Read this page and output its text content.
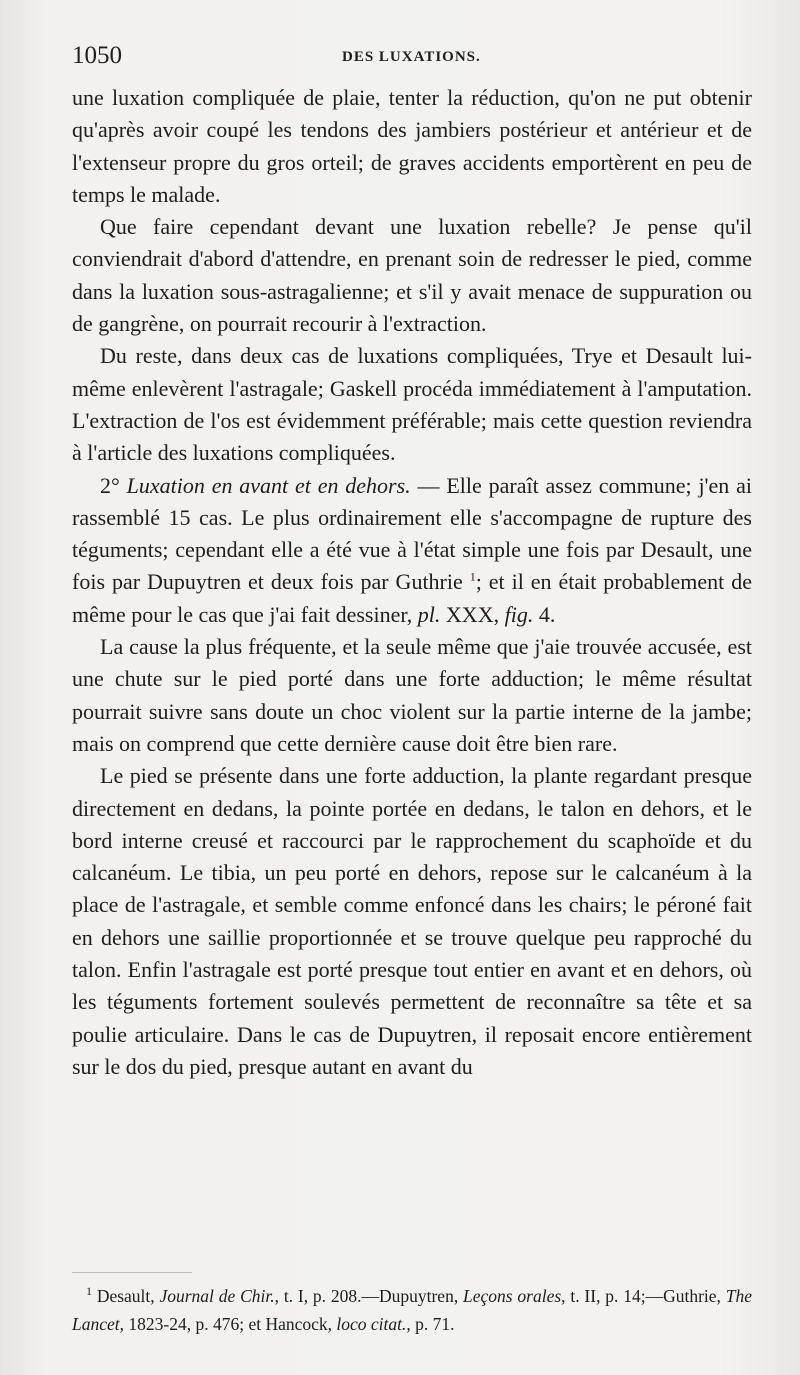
1050	DES LUXATIONS.

une luxation compliquée de plaie, tenter la réduction, qu'on ne put obtenir qu'après avoir coupé les tendons des jambiers postérieur et antérieur et de l'extenseur propre du gros orteil; de graves accidents emportèrent en peu de temps le malade.

Que faire cependant devant une luxation rebelle? Je pense qu'il conviendrait d'abord d'attendre, en prenant soin de redresser le pied, comme dans la luxation sous-astragalienne; et s'il y avait menace de suppuration ou de gangrène, on pourrait recourir à l'extraction.

Du reste, dans deux cas de luxations compliquées, Trye et Desault lui-même enlevèrent l'astragale; Gaskell procéda immédiatement à l'amputation. L'extraction de l'os est évidemment préférable; mais cette question reviendra à l'article des luxations compliquées.

2° Luxation en avant et en dehors. — Elle paraît assez commune; j'en ai rassemblé 15 cas. Le plus ordinairement elle s'accompagne de rupture des téguments; cependant elle a été vue à l'état simple une fois par Desault, une fois par Dupuytren et deux fois par Guthrie $^1$; et il en était probablement de même pour le cas que j'ai fait dessiner, pl. XXX, fig. 4.

La cause la plus fréquente, et la seule même que j'aie trouvée accusée, est une chute sur le pied porté dans une forte adduction; le même résultat pourrait suivre sans doute un choc violent sur la partie interne de la jambe; mais on comprend que cette dernière cause doit être bien rare.

Le pied se présente dans une forte adduction, la plante regardant presque directement en dedans, la pointe portée en dedans, le talon en dehors, et le bord interne creusé et raccourci par le rapprochement du scaphoïde et du calcanéum. Le tibia, un peu porté en dehors, repose sur le calcanéum à la place de l'astragale, et semble comme enfoncé dans les chairs; le péroné fait en dehors une saillie proportionnée et se trouve quelque peu rapproché du talon. Enfin l'astragale est porté presque tout entier en avant et en dehors, où les téguments fortement soulevés permettent de reconnaître sa tête et sa poulie articulaire. Dans le cas de Dupuytren, il reposait encore entièrement sur le dos du pied, presque autant en avant du

$^1$ Desault, Journal de Chir., t. I, p. 208.—Dupuytren, Leçons orales, t. II, p. 14;—Guthrie, The Lancet, 1823-24, p. 476; et Hancock, loco citat., p. 71.
